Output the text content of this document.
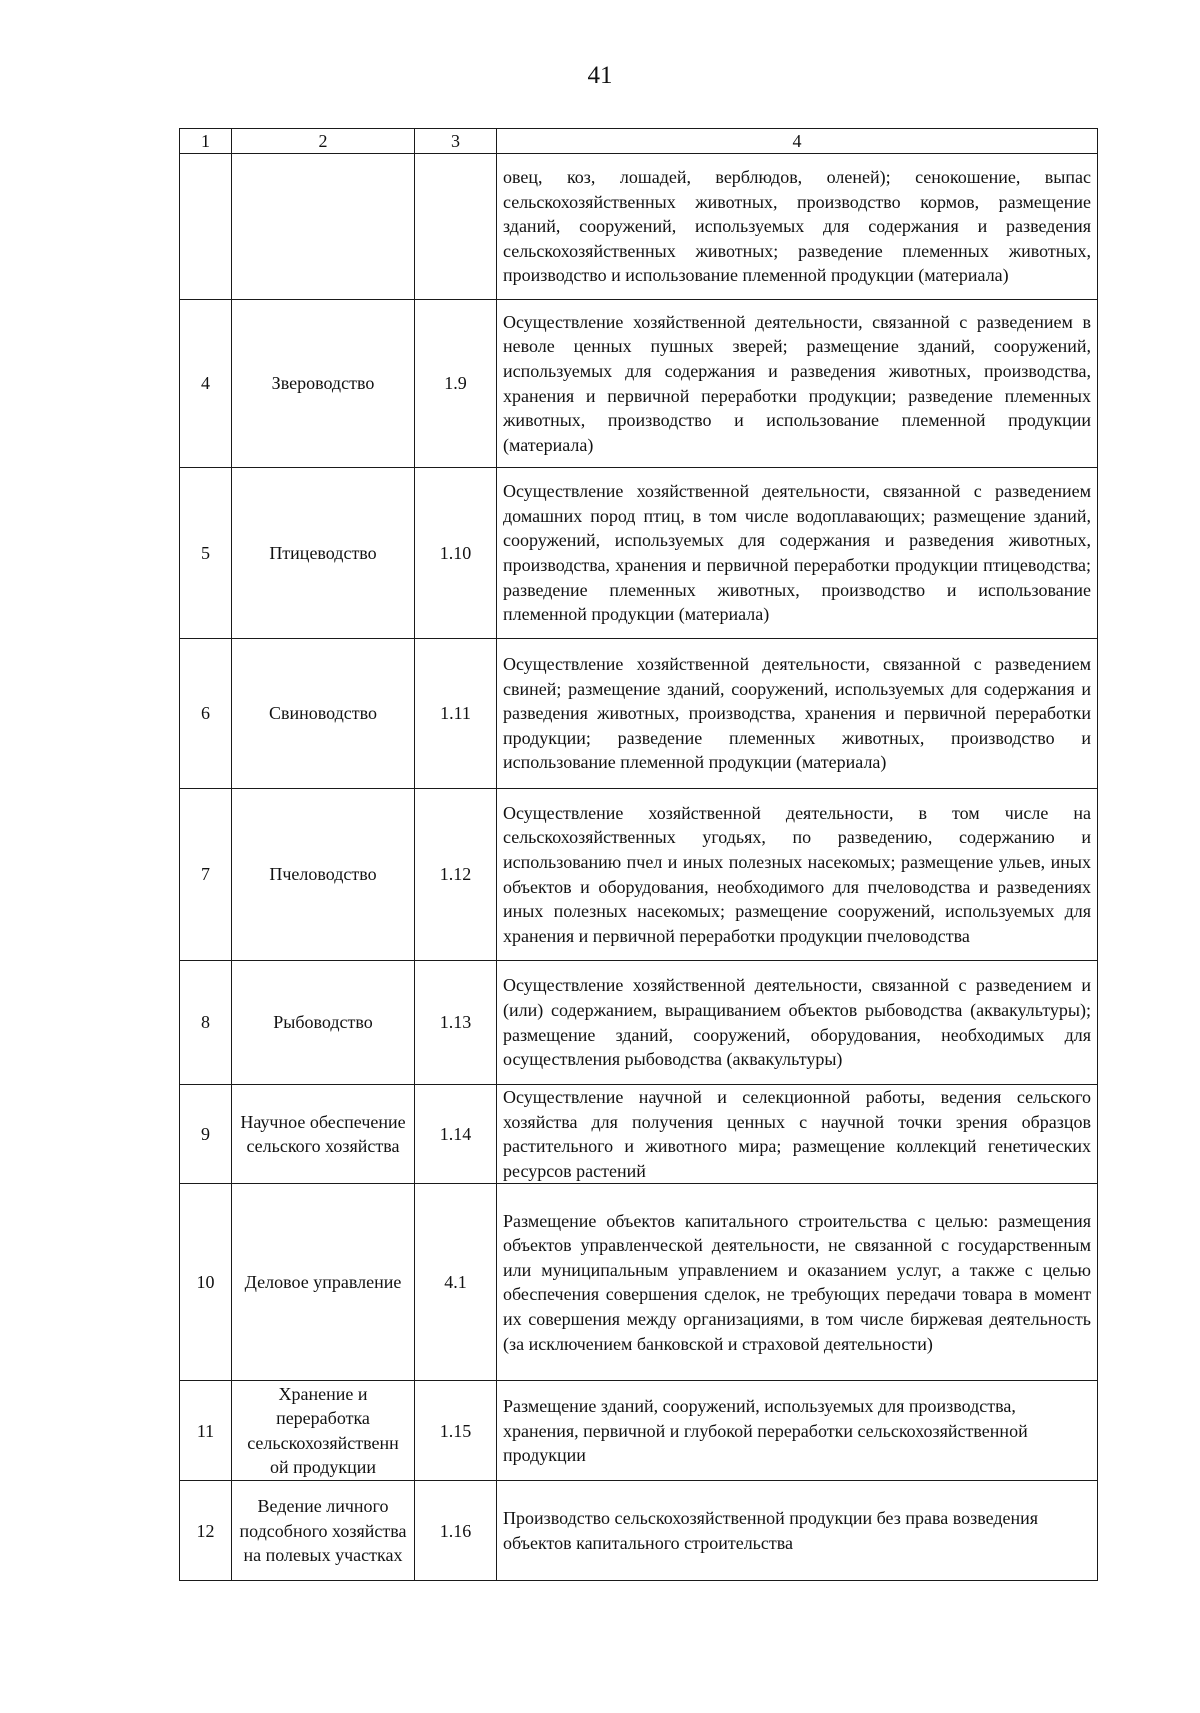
41
1	2	3	4
			овец, коз, лошадей, верблюдов, оленей); сенокошение, выпас сельскохозяйственных животных, производство кормов, размещение зданий, сооружений, используемых для содержания и разведения сельскохозяйственных животных; разведение племенных животных, производство и использование племенной продукции (материала)
4	Звероводство	1.9	Осуществление хозяйственной деятельности, связанной с разведением в неволе ценных пушных зверей; размещение зданий, сооружений, используемых для содержания и разведения животных, производства, хранения и первичной переработки продукции; разведение племенных животных, производство и использование племенной продукции (материала)
5	Птицеводство	1.10	Осуществление хозяйственной деятельности, связанной с разведением домашних пород птиц, в том числе водоплавающих; размещение зданий, сооружений, используемых для содержания и разведения животных, производства, хранения и первичной переработки продукции птицеводства; разведение племенных животных, производство и использование племенной продукции (материала)
6	Свиноводство	1.11	Осуществление хозяйственной деятельности, связанной с разведением свиней; размещение зданий, сооружений, используемых для содержания и разведения животных, производства, хранения и первичной переработки продукции; разведение племенных животных, производство и использование племенной продукции (материала)
7	Пчеловодство	1.12	Осуществление хозяйственной деятельности, в том числе на сельскохозяйственных угодьях, по разведению, содержанию и использованию пчел и иных полезных насекомых; размещение ульев, иных объектов и оборудования, необходимого для пчеловодства и разведениях иных полезных насекомых; размещение сооружений, используемых для хранения и первичной переработки продукции пчеловодства
8	Рыбоводство	1.13	Осуществление хозяйственной деятельности, связанной с разведением и (или) содержанием, выращиванием объектов рыбоводства (аквакультуры); размещение зданий, сооружений, оборудования, необходимых для осуществления рыбоводства (аквакультуры)
9	Научное обеспечение сельского хозяйства	1.14	Осуществление научной и селекционной работы, ведения сельского хозяйства для получения ценных с научной точки зрения образцов растительного и животного мира; размещение коллекций генетических ресурсов растений
10	Деловое управление	4.1	Размещение объектов капитального строительства с целью: размещения объектов управленческой деятельности, не связанной с государственным или муниципальным управлением и оказанием услуг, а также с целью обеспечения совершения сделок, не требующих передачи товара в момент их совершения между организациями, в том числе биржевая деятельность (за исключением банковской и страховой деятельности)
11	Хранение и переработка сельскохозяйственн ой продукции	1.15	Размещение зданий, сооружений, используемых для производства, хранения, первичной и глубокой переработки сельскохозяйственной продукции
12	Ведение личного подсобного хозяйства на полевых участках	1.16	Производство сельскохозяйственной продукции без права возведения объектов капитального строительства
